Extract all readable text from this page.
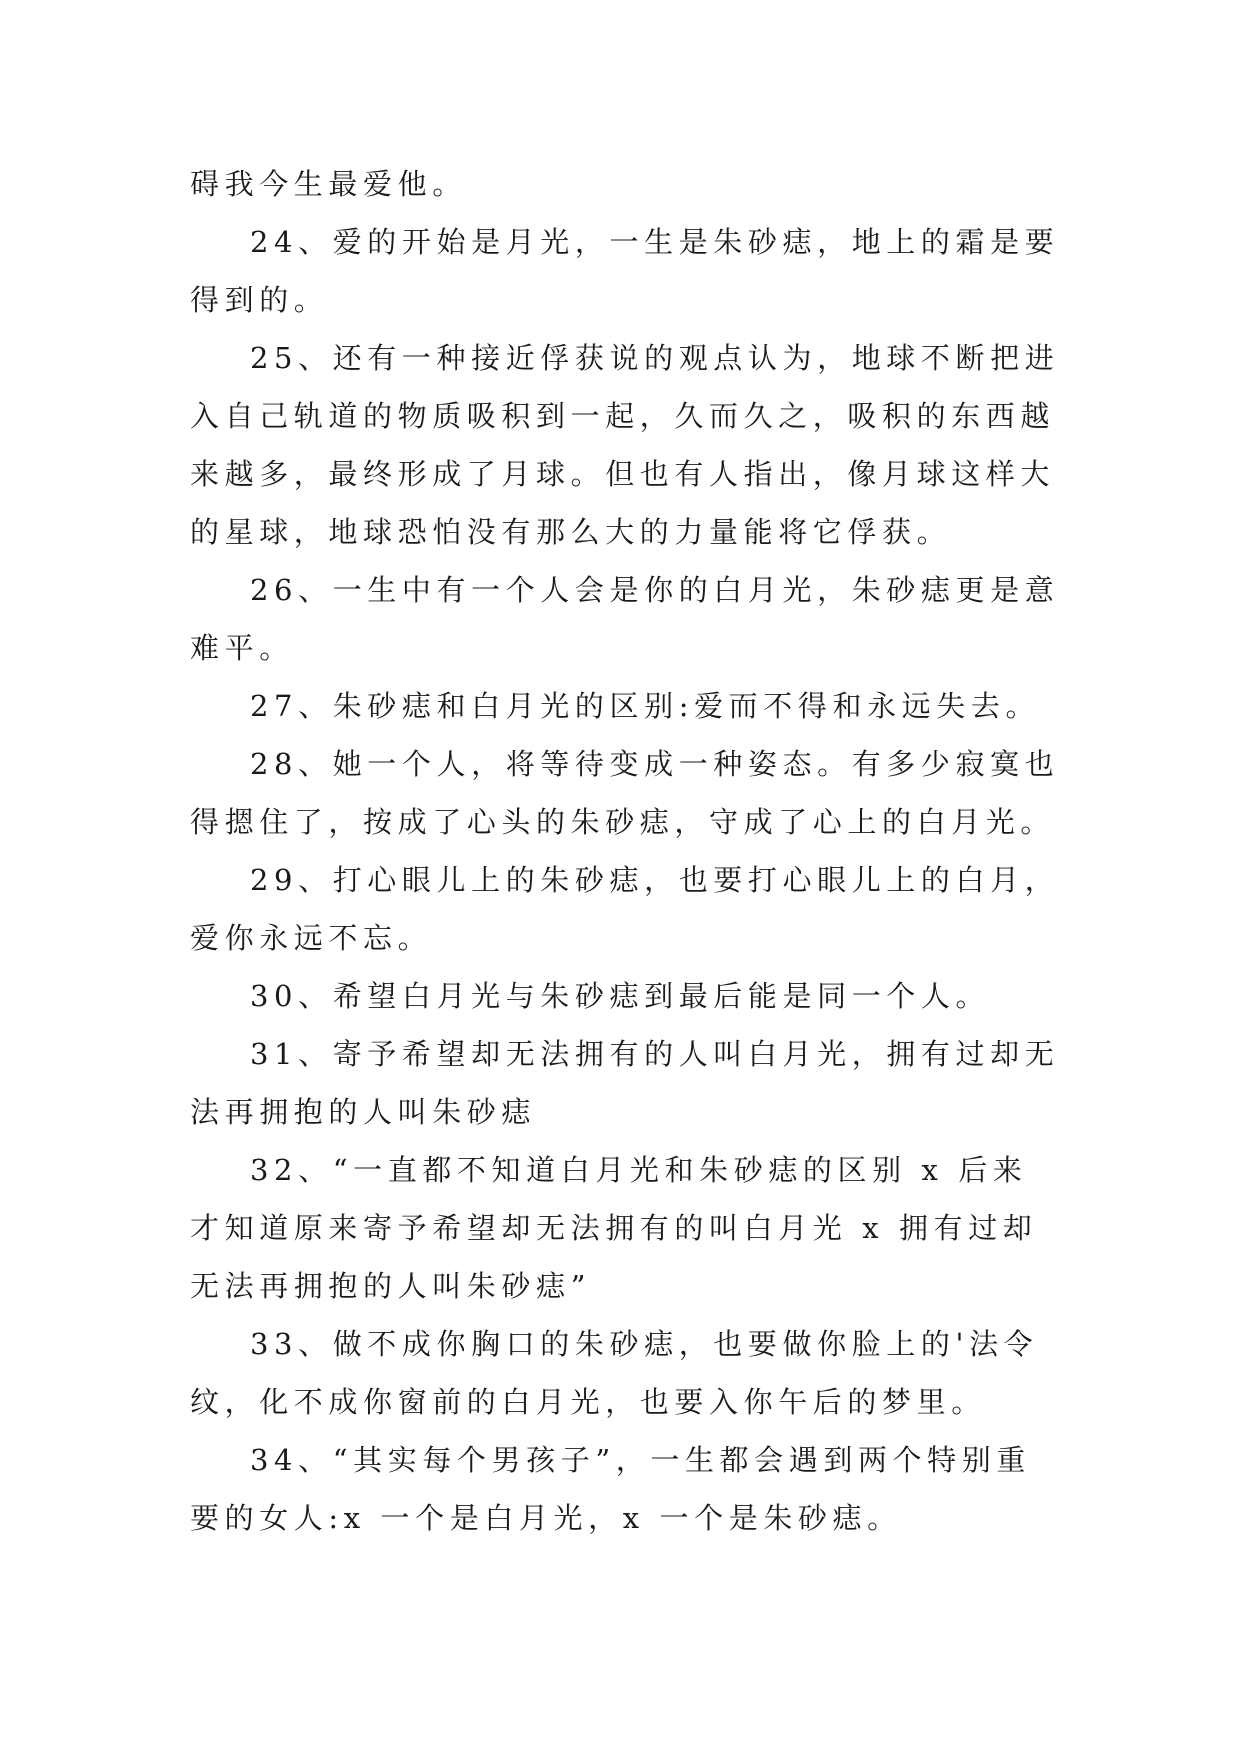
碍我今生最爱他。

24、爱的开始是月光，一生是朱砂痣，地上的霜是要得到的。

25、还有一种接近俘获说的观点认为，地球不断把进入自己轨道的物质吸积到一起，久而久之，吸积的东西越来越多，最终形成了月球。但也有人指出，像月球这样大的星球，地球恐怕没有那么大的力量能将它俘获。

26、一生中有一个人会是你的白月光，朱砂痣更是意难平。

27、朱砂痣和白月光的区别:爱而不得和永远失去。

28、她一个人，将等待变成一种姿态。有多少寂寞也得摁住了，按成了心头的朱砂痣，守成了心上的白月光。

29、打心眼儿上的朱砂痣，也要打心眼儿上的白月，爱你永远不忘。

30、希望白月光与朱砂痣到最后能是同一个人。

31、寄予希望却无法拥有的人叫白月光，拥有过却无法再拥抱的人叫朱砂痣

32、“一直都不知道白月光和朱砂痣的区别 x 后来才知道原来寄予希望却无法拥有的叫白月光 x 拥有过却无法再拥抱的人叫朱砂痣”

33、做不成你胸口的朱砂痣，也要做你脸上的'法令纹，化不成你窗前的白月光，也要入你午后的梦里。

34、“其实每个男孩子”，一生都会遇到两个特别重要的女人:x 一个是白月光，x 一个是朱砂痣。
